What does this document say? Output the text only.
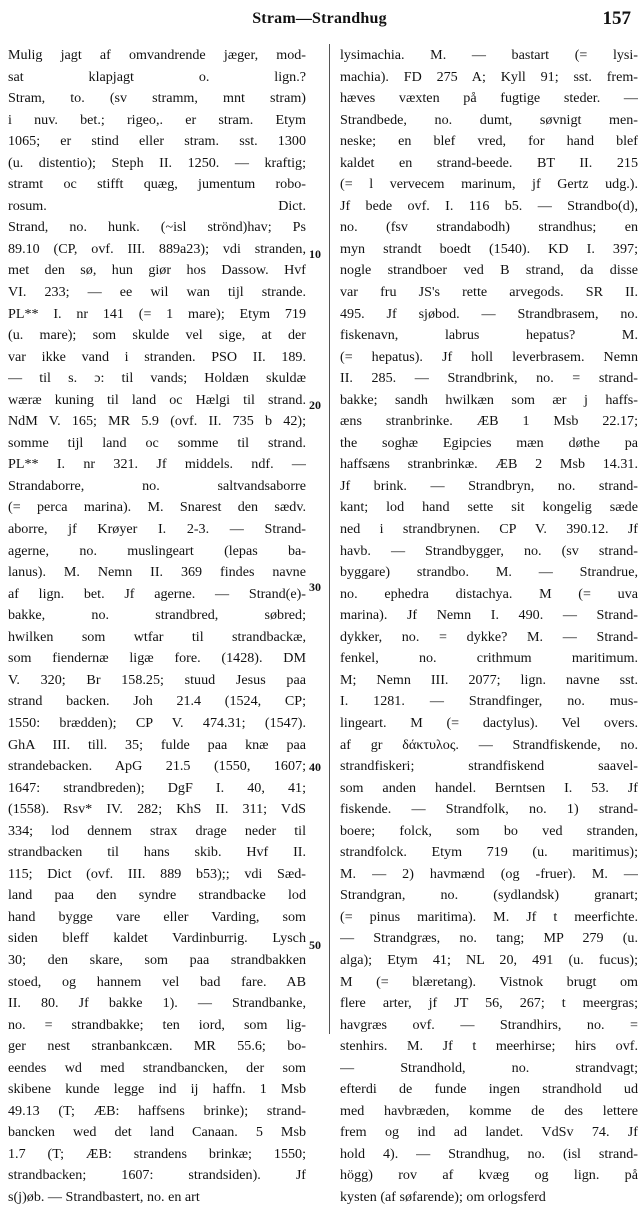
Stram—Strandhug	157
Mulig jagt af omvandrende jæger, mod-
sat klapjagt o. lign.?
Stram, to. (sv stramm, mnt stram)
i nuv. bet.; rigeo,. er stram. Etym
1065; er stind eller stram. sst. 1300
(u. distentio); Steph II. 1250. — kraftig;
stramt oc stifft quæg, jumentum robo-
rosum. Dict.
Strand, no. hunk. (~isl strönd)hav; Ps
89.10 (CP, ovf. III. 889a23); vdi stranden,
met den sø, hun giør hos Dassow. Hvf
VI. 233; — ee wil wan tijl strande.
PL** I. nr 141 (= 1 mare); Etym 719
(u. mare); som skulde vel sige, at der
var ikke vand i stranden. PSO II. 189.
— til s. ɔ: til vands; Holdæn skuldæ
wæræ kuning til land oc Hælgi til strand.
NdM V. 165; MR 5.9 (ovf. II. 735 b 42);
somme tijl land oc somme til strand.
PL** I. nr 321. Jf middels. ndf. —
Strandaborre, no. saltvandsaborre
(= perca marina). M. Snarest den sædv.
aborre, jf Krøyer I. 2-3. — Strand-
agerne, no. muslingeart (lepas ba-
lanus). M. Nemn II. 369 findes navne
af lign. bet. Jf agerne. — Strand(e)-
bakke, no. strandbred, søbred;
hwilken som wtfar til strandbackæ,
som fiendernæ ligæ fore. (1428). DM
V. 320; Br 158.25; stuud Jesus paa
strand backen. Joh 21.4 (1524, CP;
1550: brædden); CP V. 474.31; (1547).
GhA III. till. 35; fulde paa knæ paa
strandebacken. ApG 21.5 (1550, 1607;
1647: strandbreden); DgF I. 40, 41;
(1558). Rsv* IV. 282; KhS II. 311; VdS
334; lod dennem strax drage neder til
strandbacken til hans skib. Hvf II.
115; Dict (ovf. III. 889 b53);; vdi Sæd-
land paa den syndre strandbacke lod
hand bygge vare eller Varding, som
siden bleff kaldet Vardinburrig. Lysch
30; den skare, som paa strandbakken
stoed, og hannem vel bad fare. AB
II. 80. Jf bakke 1). — Strandbanke,
no. = strandbakke; ten iord, som lig-
ger nest stranbankcæn. MR 55.6; bo-
eendes wd med strandbancken, der som
skibene kunde legge ind ij haffn. 1 Msb
49.13 (T; ÆB: haffsens brinke); strand-
bancken wed det land Canaan. 5 Msb
1.7 (T; ÆB: strandens brinkæ; 1550;
strandbacken; 1607: strandsiden). Jf
s(j)øb. — Strandbastert, no. en art
lysimachia. M. — bastart (= lysi-
machia). FD 275 A; Kyll 91; sst. frem-
hæves væxten på fugtige steder. —
Strandbede, no. dumt, søvnigt men-
neske; en blef vred, for hand blef
kaldet en strand-beede. BT II. 215
(= l vervecem marinum, jf Gertz udg.).
Jf bede ovf. I. 116 b5. — Strandbo(d),
no. (fsv strandabodh) strandhus; en
myn strandt boedt (1540). KD I. 397;
nogle strandboer ved B strand, da disse
var fru JS's rette arvegods. SR II.
495. Jf sjøbod. — Strandbrasem, no.
fiskenavn, labrus hepatus? M.
(= hepatus). Jf holl leverbrasem. Nemn
II. 285. — Strandbrink, no. = strand-
bakke; sandh hwilkæn som ær j haffs-
æns stranbrinke. ÆB 1 Msb 22.17;
the soghæ Egipcies mæn døthe pa
haffsæns stranbrinkæ. ÆB 2 Msb 14.31.
Jf brink. — Strandbryn, no. strand-
kant; lod hand sette sit kongelig sæde
ned i strandbrynen. CP V. 390.12. Jf
havb. — Strandbygger, no. (sv strand-
byggare) strandbo. M. — Strandrue,
no. ephedra distachya. M (= uva
marina). Jf Nemn I. 490. — Strand-
dykker, no. = dykke? M. — Strand-
fenkel, no. crithmum maritimum.
M; Nemn III. 2077; lign. navne sst.
I. 1281. — Strandfinger, no. mus-
lingeart. M (= dactylus). Vel overs.
af gr δάκτυλος. — Strandfiskende, no.
strandfiskeri; strandfiskend saavel-
som anden handel. Berntsen I. 53. Jf
fiskende. — Strandfolk, no. 1) strand-
boere; folck, som bo ved stranden,
strandfolck. Etym 719 (u. maritimus);
M. — 2) havmænd (og -fruer). M. —
Strandgran, no. (sydlandsk) granart;
(= pinus maritima). M. Jf t meerfichte.
— Strandgræs, no. tang; MP 279 (u.
alga); Etym 41; NL 20, 491 (u. fucus);
M (= blæretang). Vistnok brugt om
flere arter, jf JT 56, 267; t meergras;
havgræs ovf. — Strandhirs, no. =
stenhirs. M. Jf t meerhirse; hirs ovf.
— Strandhold, no. strandvagt;
efterdi de funde ingen strandhold ud
med havbræden, komme de des lettere
frem og ind ad landet. VdSv 74. Jf
hold 4). — Strandhug, no. (isl strand-
högg) rov af kvæg og lign. på
kysten (af søfarende); om orlogsferd
10
20
30
40
50
